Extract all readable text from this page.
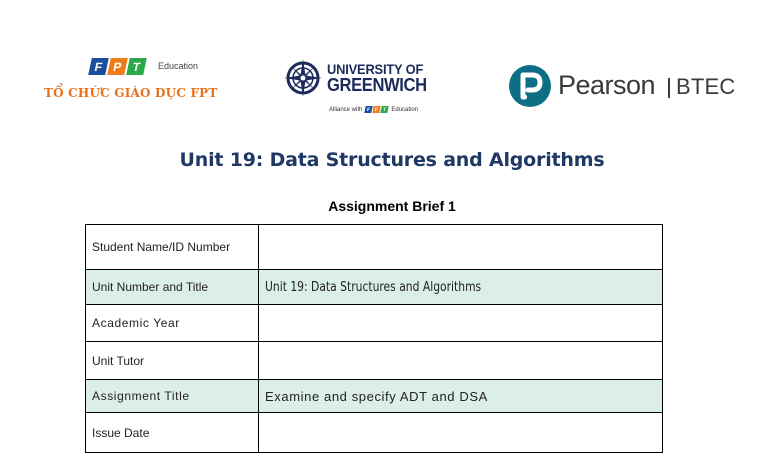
F P T	Education
TỔ CHỨC GIÁO DỤC FPT
UNIVERSITY OF
GREENWICH
Alliance with F P T Education
Pearson BTEC
Unit 19: Data Structures and Algorithms
Assignment Brief 1
Student Name/ID Number	
Unit Number and Title	Unit 19: Data Structures and Algorithms
Academic Year	
Unit Tutor	
Assignment Title	Examine and specify ADT and DSA
Issue Date	
